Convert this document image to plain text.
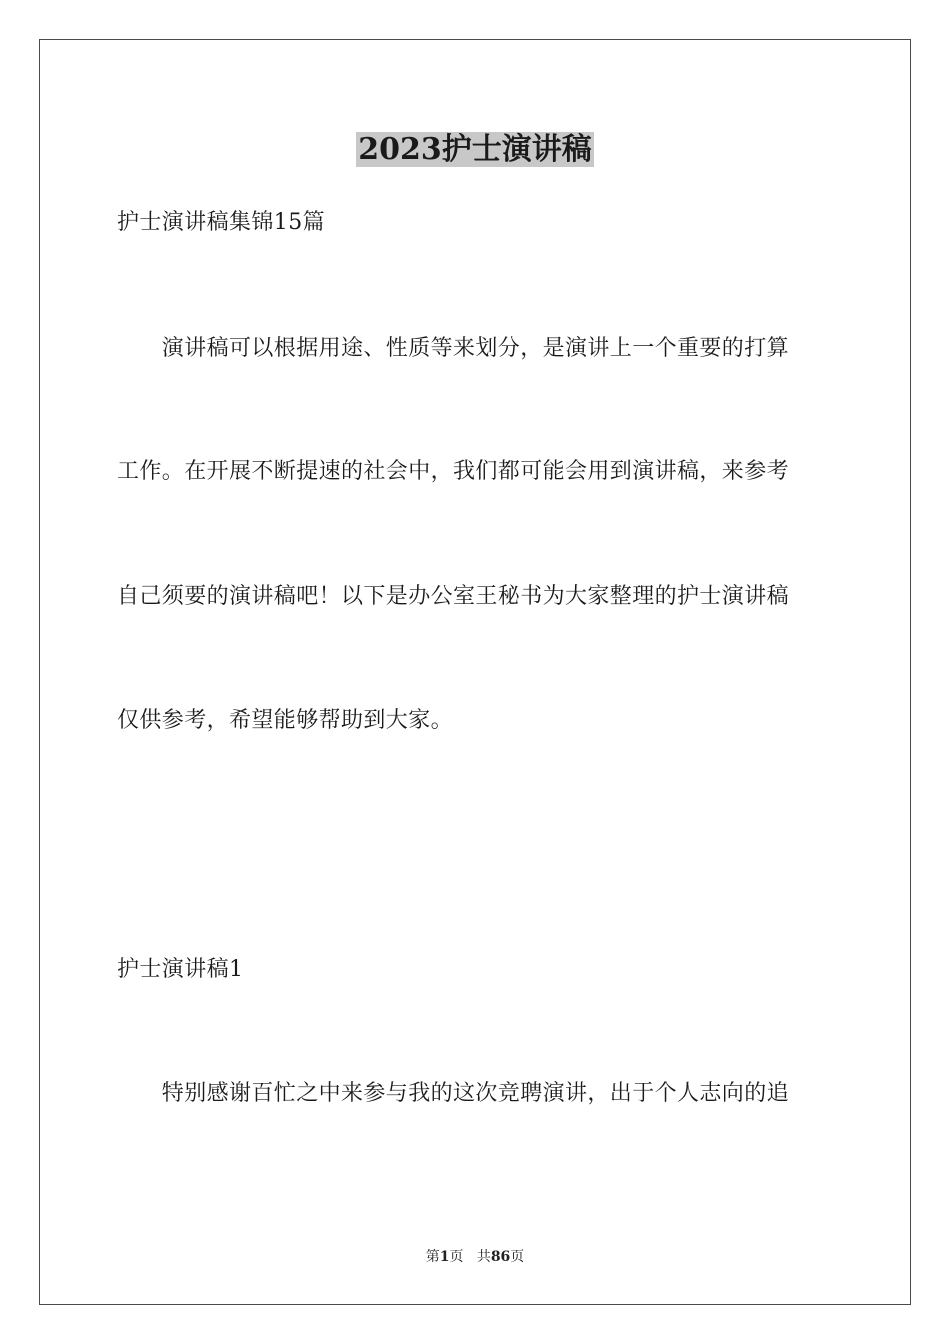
2023护士演讲稿
护士演讲稿集锦15篇
　　演讲稿可以根据用途、性质等来划分，是演讲上一个重要的打算
工作。在开展不断提速的社会中，我们都可能会用到演讲稿，来参考
自己须要的演讲稿吧！以下是办公室王秘书为大家整理的护士演讲稿
仅供参考，希望能够帮助到大家。
护士演讲稿1
　　特别感谢百忙之中来参与我的这次竞聘演讲，出于个人志向的追
第1页 共86页
